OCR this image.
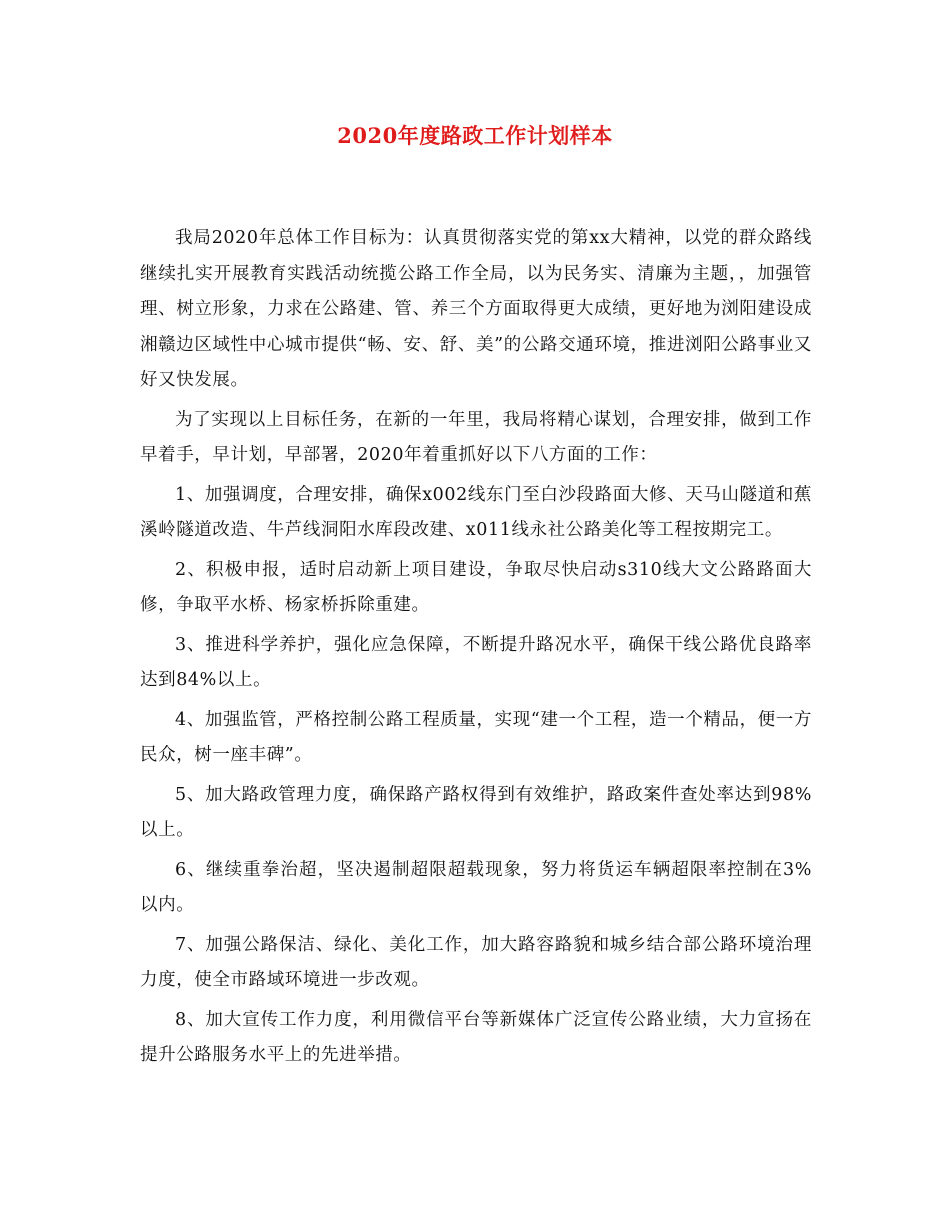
2020年度路政工作计划样本

我局2020年总体工作目标为：认真贯彻落实党的第xx大精神，以党的群众路线继续扎实开展教育实践活动统揽公路工作全局，以为民务实、清廉为主题，，加强管理、树立形象，力求在公路建、管、养三个方面取得更大成绩，更好地为浏阳建设成湘赣边区域性中心城市提供“畅、安、舒、美”的公路交通环境，推进浏阳公路事业又好又快发展。

为了实现以上目标任务，在新的一年里，我局将精心谋划，合理安排，做到工作早着手，早计划，早部署，2020年着重抓好以下八方面的工作：

1、加强调度，合理安排，确保x002线东门至白沙段路面大修、天马山隧道和蕉溪岭隧道改造、牛芦线洞阳水库段改建、x011线永社公路美化等工程按期完工。

2、积极申报，适时启动新上项目建设，争取尽快启动s310线大文公路路面大修，争取平水桥、杨家桥拆除重建。

3、推进科学养护，强化应急保障，不断提升路况水平，确保干线公路优良路率达到84%以上。

4、加强监管，严格控制公路工程质量，实现“建一个工程，造一个精品，便一方民众，树一座丰碑”。

5、加大路政管理力度，确保路产路权得到有效维护，路政案件查处率达到98%以上。

6、继续重拳治超，坚决遏制超限超载现象，努力将货运车辆超限率控制在3%以内。

7、加强公路保洁、绿化、美化工作，加大路容路貌和城乡结合部公路环境治理力度，使全市路域环境进一步改观。

8、加大宣传工作力度，利用微信平台等新媒体广泛宣传公路业绩，大力宣扬在提升公路服务水平上的先进举措。
